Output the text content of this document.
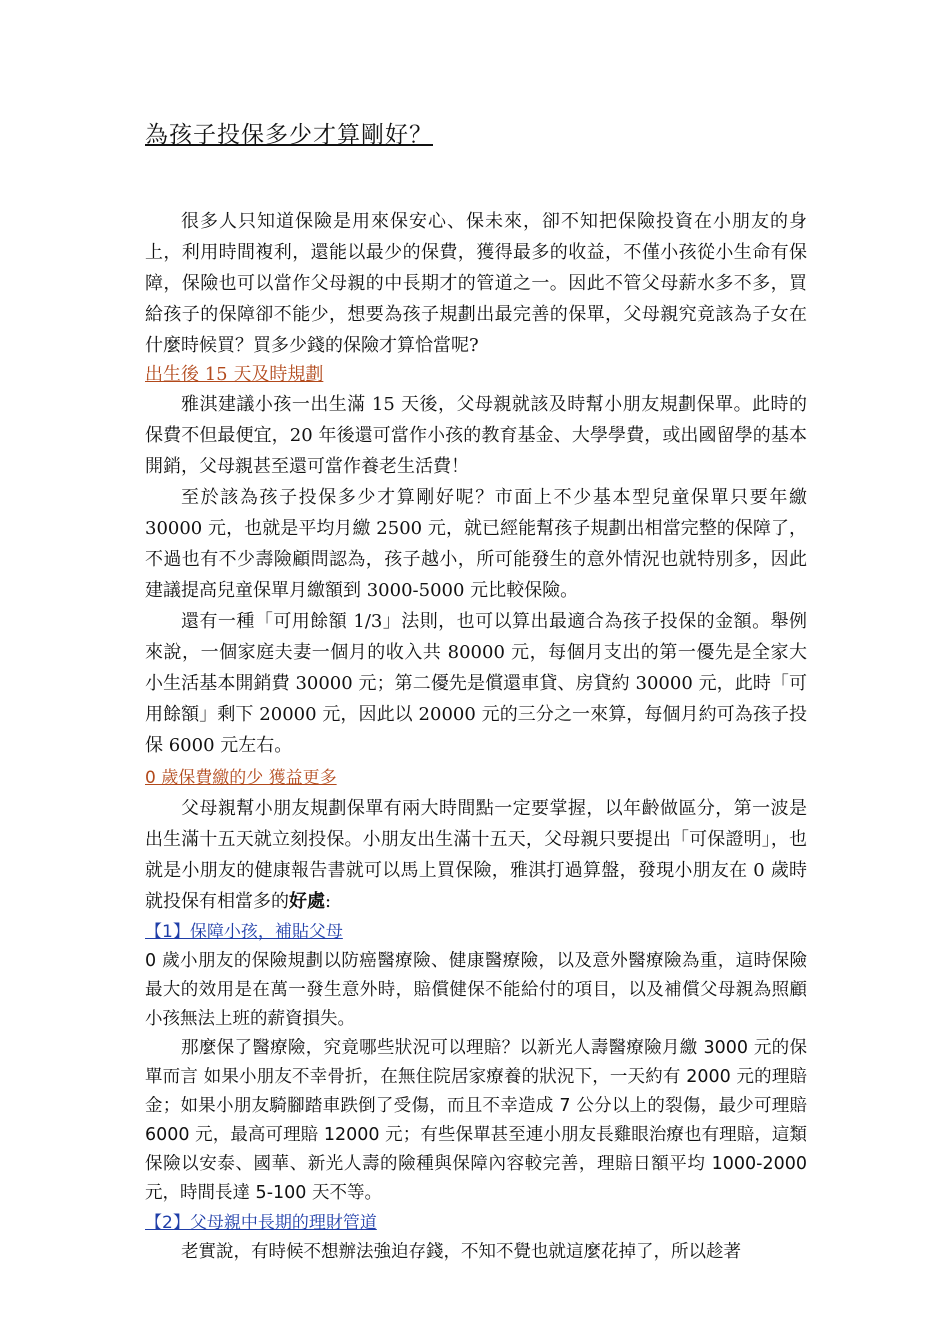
為孩子投保多少才算剛好？

很多人只知道保險是用來保安心、保未來，卻不知把保險投資在小朋友的身上，利用時間複利，還能以最少的保費，獲得最多的收益，不僅小孩從小生命有保障，保險也可以當作父母親的中長期才的管道之一。因此不管父母薪水多不多，買給孩子的保障卻不能少，想要為孩子規劃出最完善的保單，父母親究竟該為子女在什麼時候買？買多少錢的保險才算恰當呢?

出生後 15 天及時規劃

雅淇建議小孩一出生滿 15 天後，父母親就該及時幫小朋友規劃保單。此時的保費不但最便宜，20 年後還可當作小孩的教育基金、大學學費，或出國留學的基本開銷，父母親甚至還可當作養老生活費！

至於該為孩子投保多少才算剛好呢？市面上不少基本型兒童保單只要年繳 30000 元，也就是平均月繳 2500 元，就已經能幫孩子規劃出相當完整的保障了，不過也有不少壽險顧問認為，孩子越小，所可能發生的意外情況也就特別多，因此建議提高兒童保單月繳額到 3000-5000 元比較保險。

還有一種「可用餘額 1/3」法則，也可以算出最適合為孩子投保的金額。舉例來說，一個家庭夫妻一個月的收入共 80000 元，每個月支出的第一優先是全家大小生活基本開銷費 30000 元；第二優先是償還車貸、房貸約 30000 元，此時「可用餘額」剩下 20000 元，因此以 20000 元的三分之一來算，每個月約可為孩子投保 6000 元左右。

0 歲保費繳的少 獲益更多

父母親幫小朋友規劃保單有兩大時間點一定要掌握，以年齡做區分，第一波是出生滿十五天就立刻投保。小朋友出生滿十五天，父母親只要提出「可保證明」，也就是小朋友的健康報告書就可以馬上買保險，雅淇打過算盤，發現小朋友在 0 歲時就投保有相當多的好處:

【1】保障小孩，補貼父母

0 歲小朋友的保險規劃以防癌醫療險、健康醫療險，以及意外醫療險為重，這時保險最大的效用是在萬一發生意外時，賠償健保不能給付的項目，以及補償父母親為照顧小孩無法上班的薪資損失。

那麼保了醫療險，究竟哪些狀況可以理賠？以新光人壽醫療險月繳 3000 元的保單而言 如果小朋友不幸骨折，在無住院居家療養的狀況下，一天約有 2000 元的理賠金；如果小朋友騎腳踏車跌倒了受傷，而且不幸造成 7 公分以上的裂傷，最少可理賠 6000 元，最高可理賠 12000 元；有些保單甚至連小朋友長雞眼治療也有理賠，這類保險以安泰、國華、新光人壽的險種與保障內容較完善，理賠日額平均 1000-2000 元，時間長達 5-100 天不等。

【2】父母親中長期的理財管道

老實說，有時候不想辦法強迫存錢，不知不覺也就這麼花掉了，所以趁著
